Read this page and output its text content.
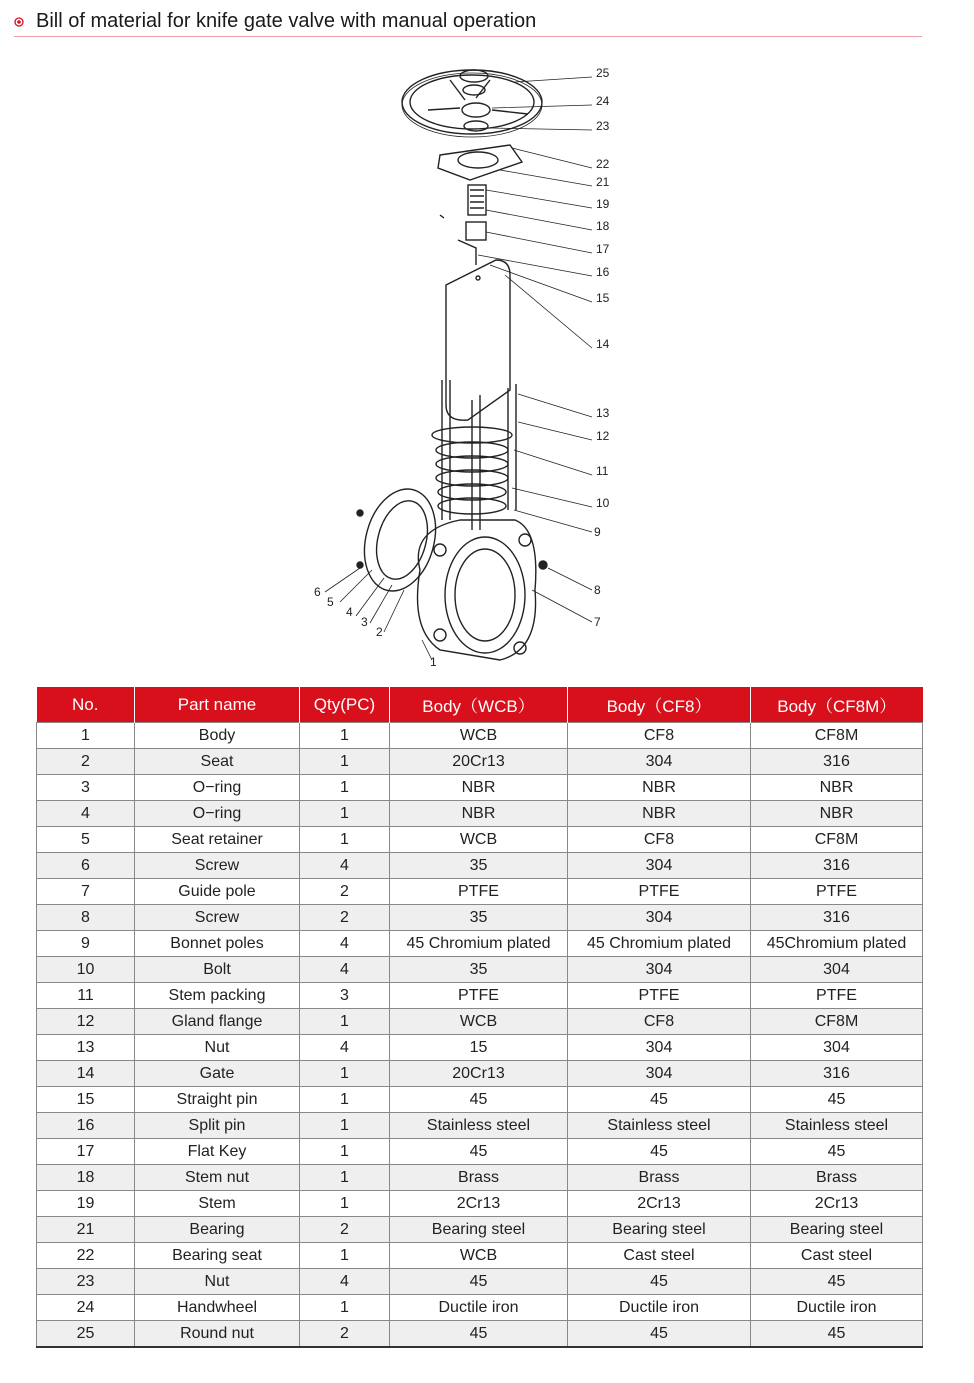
Bill of material for knife gate valve with manual operation
25
24
23
22
21
19
18
17
16
15
14
13
12
11
10
9
8
7
6
5
4
3
2
1
No.	Part name	Qty(PC)	Body（WCB）	Body（CF8）	Body（CF8M）
1	Body	1	WCB	CF8	CF8M
2	Seat	1	20Cr13	304	316
3	O−ring	1	NBR	NBR	NBR
4	O−ring	1	NBR	NBR	NBR
5	Seat retainer	1	WCB	CF8	CF8M
6	Screw	4	35	304	316
7	Guide pole	2	PTFE	PTFE	PTFE
8	Screw	2	35	304	316
9	Bonnet poles	4	45 Chromium plated	45 Chromium plated	45Chromium plated
10	Bolt	4	35	304	304
11	Stem packing	3	PTFE	PTFE	PTFE
12	Gland flange	1	WCB	CF8	CF8M
13	Nut	4	15	304	304
14	Gate	1	20Cr13	304	316
15	Straight pin	1	45	45	45
16	Split pin	1	Stainless steel	Stainless steel	Stainless steel
17	Flat Key	1	45	45	45
18	Stem nut	1	Brass	Brass	Brass
19	Stem	1	2Cr13	2Cr13	2Cr13
21	Bearing	2	Bearing steel	Bearing steel	Bearing steel
22	Bearing seat	1	WCB	Cast steel	Cast steel
23	Nut	4	45	45	45
24	Handwheel	1	Ductile iron	Ductile iron	Ductile iron
25	Round nut	2	45	45	45
